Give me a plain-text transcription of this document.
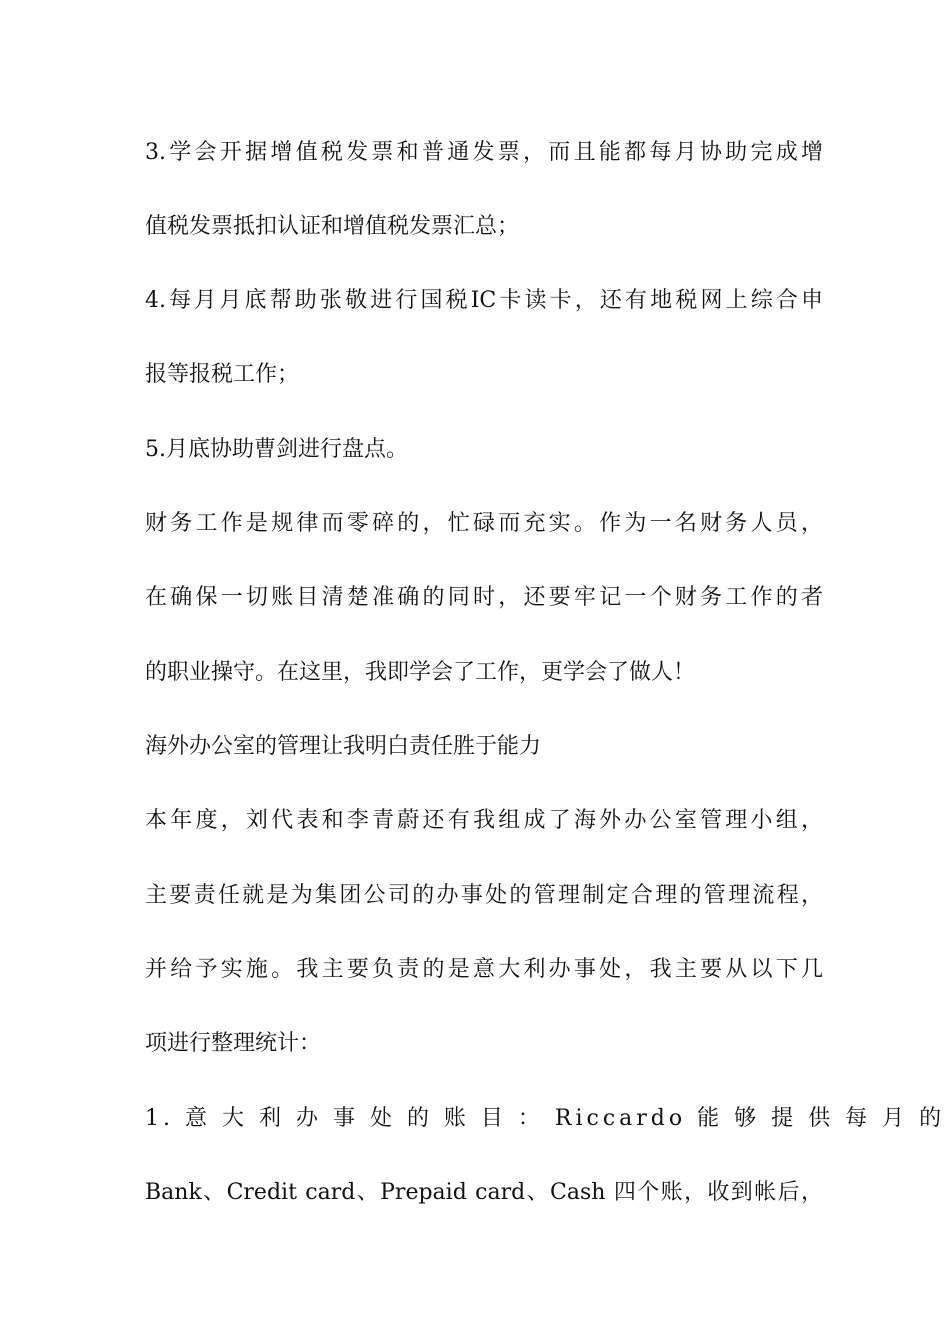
3.学会开据增值税发票和普通发票，而且能都每月协助完成增

值税发票抵扣认证和增值税发票汇总；

4.每月月底帮助张敬进行国税IC卡读卡，还有地税网上综合申

报等报税工作；

5.月底协助曹剑进行盘点。

财务工作是规律而零碎的，忙碌而充实。作为一名财务人员，

在确保一切账目清楚准确的同时，还要牢记一个财务工作的者

的职业操守。在这里，我即学会了工作，更学会了做人！

海外办公室的管理让我明白责任胜于能力

本年度，刘代表和李青蔚还有我组成了海外办公室管理小组，

主要责任就是为集团公司的办事处的管理制定合理的管理流程，

并给予实施。我主要负责的是意大利办事处，我主要从以下几

项进行整理统计：

1. 意 大 利 办 事 处 的 账 目 ： Riccardo 能 够 提 供 每 月 的

Bank、Credit card、Prepaid card、Cash 四个账，收到帐后，
